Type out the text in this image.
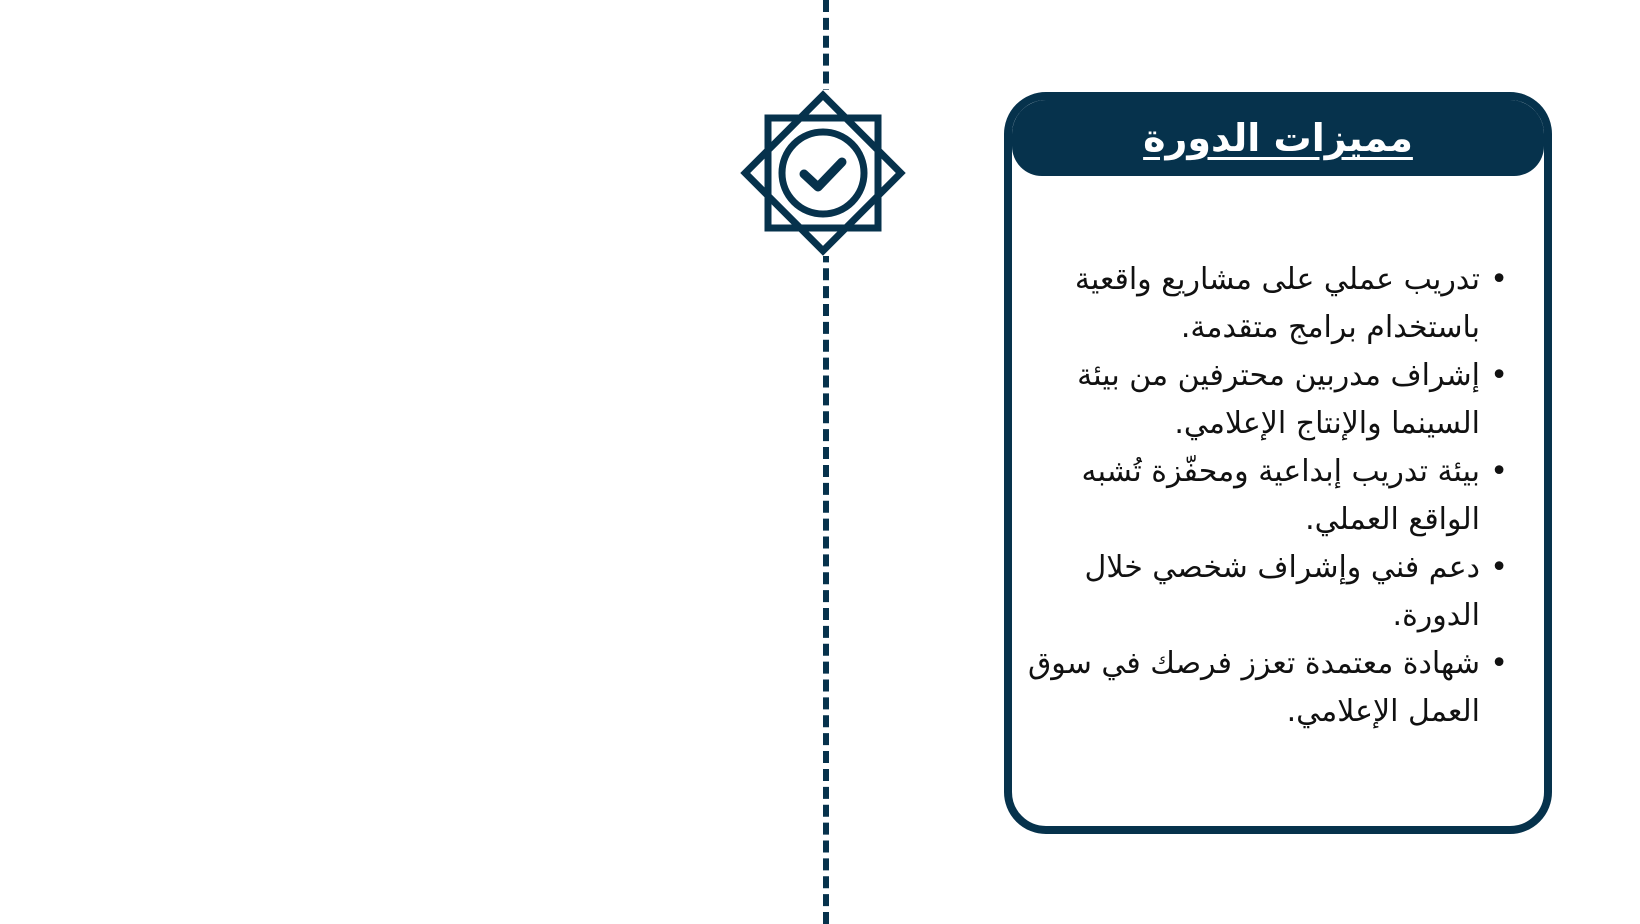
مميزات الدورة
•
تدريب عملي على مشاريع واقعية باستخدام برامج متقدمة.
•
إشراف مدربين محترفين من بيئة السينما والإنتاج الإعلامي.
•
بيئة تدريب إبداعية ومحفّزة تُشبه الواقع العملي.
•
دعم فني وإشراف شخصي خلال الدورة.
•
شهادة معتمدة تعزز فرصك في سوق العمل الإعلامي.
